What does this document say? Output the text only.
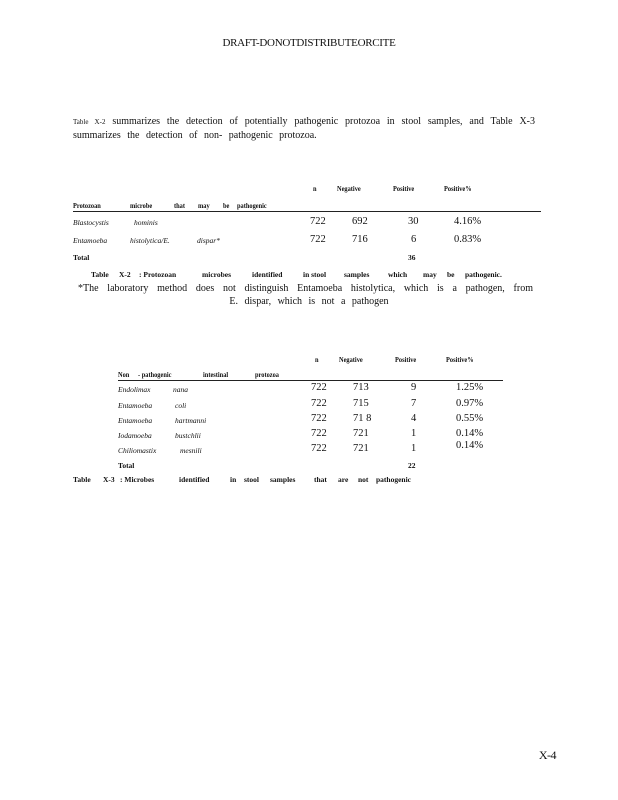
DRAFT-DONOTDISTRIBUTEORCITE
Table X-2 summarizes the detection of potentially pathogenic protozoa in stool samples, and Table X-3 summarizes the detection of non- pathogenic protozoa.
n	Negative	Positive	Positive%
Protozoan	microbe	that may be pathogenic
Blastocystis	hominis	722	692	30	4.16%
Entamoeba	histolytica/E.	dispar*	722	716	6	0.83%
Total	36
Table X-2 : Protozoan	microbes	identified	in stool samples which may be pathogenic.
*The laboratory method does not distinguish Entamoeba histolytica, which is a pathogen, from
E. dispar, which is not a pathogen
n	Negative	Positive	Positive%
Non - pathogenic	intestinal	protozoa
Endolimax	nana	722	713	9	1.25%
Entamoeba	coli	722	715	7	0.97%
Entamoeba	hartmanni	722	71 8	4	0.55%
Iodamoeba	bustchlii	722	721	1	0.14%
Chiliomastix	mesnili	722	721	1	0.14%
Total	22
Table X-3 : Microbes	identified	in stool samples that are not pathogenic
X-4
